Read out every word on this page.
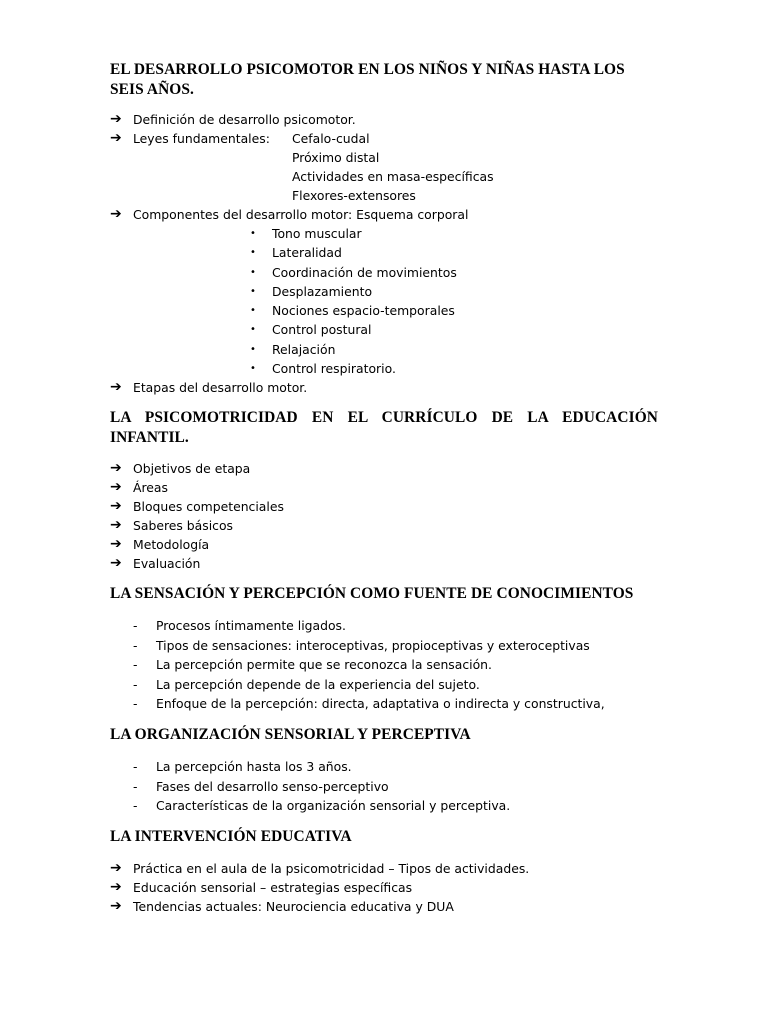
EL DESARROLLO PSICOMOTOR EN LOS NIÑOS Y NIÑAS HASTA LOS SEIS AÑOS.
➔ Definición de desarrollo psicomotor.
➔ Leyes fundamentales: Cefalo-cudal
Próximo distal
Actividades en masa-específicas
Flexores-extensores
➔ Componentes del desarrollo motor: Esquema corporal
• Tono muscular
• Lateralidad
• Coordinación de movimientos
• Desplazamiento
• Nociones espacio-temporales
• Control postural
• Relajación
• Control respiratorio.
➔ Etapas del desarrollo motor.
LA PSICOMOTRICIDAD EN EL CURRÍCULO DE LA EDUCACIÓN
INFANTIL.
➔ Objetivos de etapa
➔ Áreas
➔ Bloques competenciales
➔ Saberes básicos
➔ Metodología
➔ Evaluación
LA SENSACIÓN Y PERCEPCIÓN COMO FUENTE DE CONOCIMIENTOS
- Procesos íntimamente ligados.
- Tipos de sensaciones: interoceptivas, propioceptivas y exteroceptivas
- La percepción permite que se reconozca la sensación.
- La percepción depende de la experiencia del sujeto.
- Enfoque de la percepción: directa, adaptativa o indirecta y constructiva,
LA ORGANIZACIÓN SENSORIAL Y PERCEPTIVA
- La percepción hasta los 3 años.
- Fases del desarrollo senso-perceptivo
- Características de la organización sensorial y perceptiva.
LA INTERVENCIÓN EDUCATIVA
➔ Práctica en el aula de la psicomotricidad – Tipos de actividades.
➔ Educación sensorial – estrategias específicas
➔ Tendencias actuales: Neurociencia educativa y DUA
